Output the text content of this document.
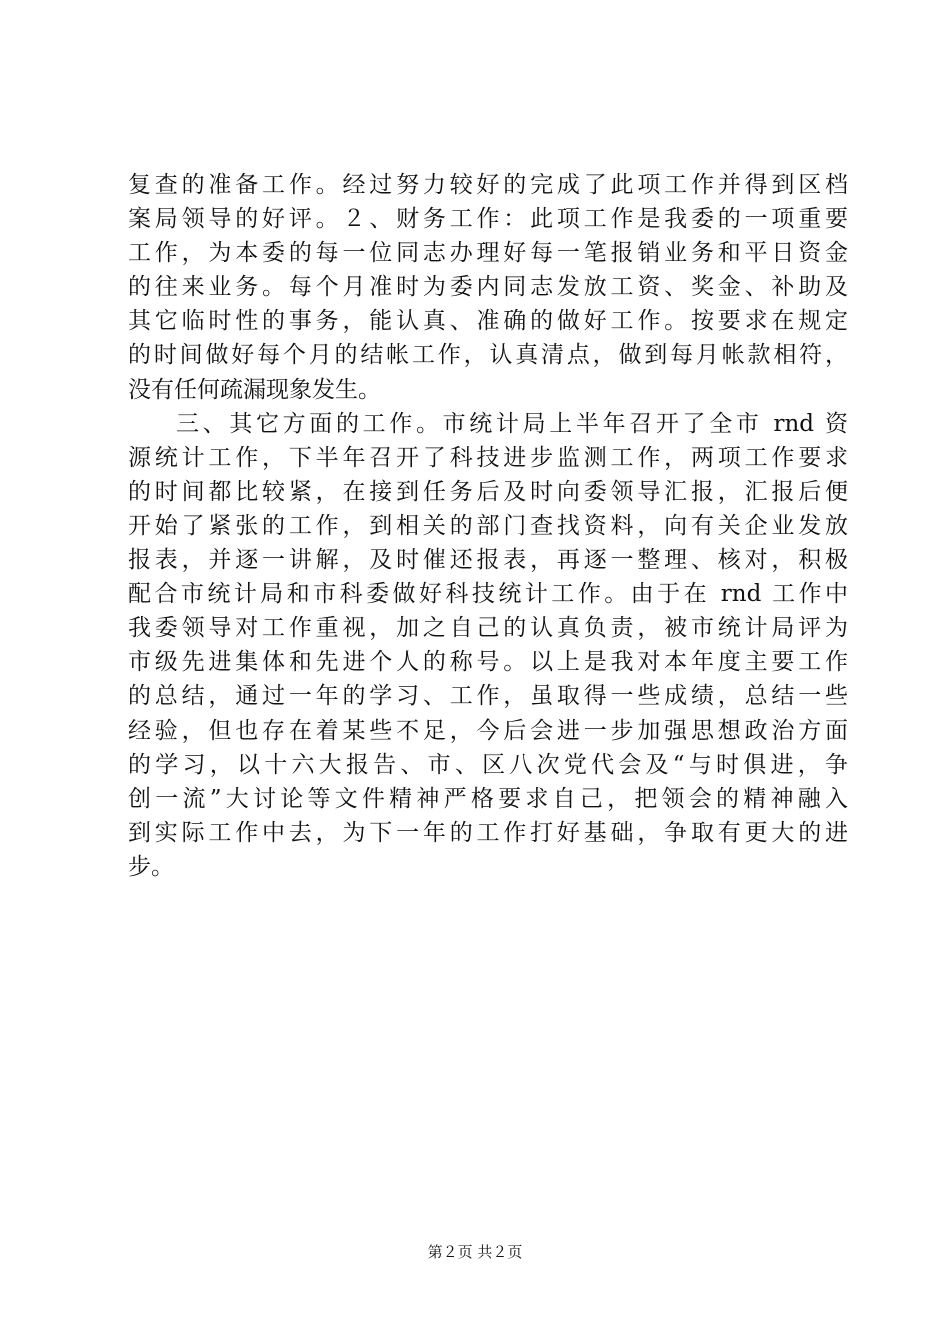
复查的准备工作。经过努力较好的完成了此项工作并得到区档
案局领导的好评。２、财务工作：此项工作是我委的一项重要
工作，为本委的每一位同志办理好每一笔报销业务和平日资金
的往来业务。每个月准时为委内同志发放工资、奖金、补助及
其它临时性的事务，能认真、准确的做好工作。按要求在规定
的时间做好每个月的结帐工作，认真清点，做到每月帐款相符，
没有任何疏漏现象发生。
三、其它方面的工作。市统计局上半年召开了全市 rnd 资
源统计工作，下半年召开了科技进步监测工作，两项工作要求
的时间都比较紧，在接到任务后及时向委领导汇报，汇报后便
开始了紧张的工作，到相关的部门查找资料，向有关企业发放
报表，并逐一讲解，及时催还报表，再逐一整理、核对，积极
配合市统计局和市科委做好科技统计工作。由于在 rnd 工作中
我委领导对工作重视，加之自己的认真负责，被市统计局评为
市级先进集体和先进个人的称号。以上是我对本年度主要工作
的总结，通过一年的学习、工作，虽取得一些成绩，总结一些
经验，但也存在着某些不足，今后会进一步加强思想政治方面
的学习，以十六大报告、市、区八次党代会及“与时俱进，争
创一流”大讨论等文件精神严格要求自己，把领会的精神融入
到实际工作中去，为下一年的工作打好基础，争取有更大的进
步。
第２页 共２页
